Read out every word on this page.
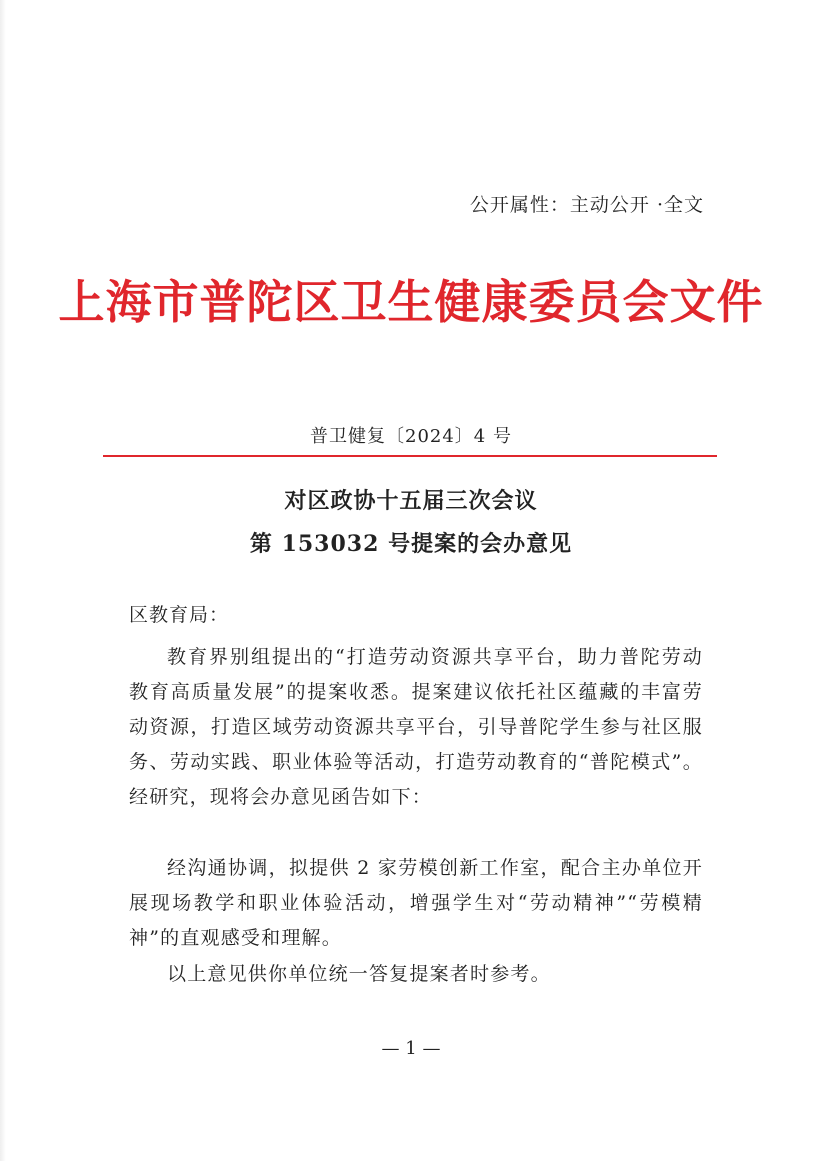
公开属性：主动公开 ·全文
上海市普陀区卫生健康委员会文件
普卫健复〔2024〕4 号
对区政协十五届三次会议
第 153032 号提案的会办意见
区教育局：

教育界别组提出的“打造劳动资源共享平台，助力普陀劳动教育高质量发展”的提案收悉。提案建议依托社区蕴藏的丰富劳动资源，打造区域劳动资源共享平台，引导普陀学生参与社区服务、劳动实践、职业体验等活动，打造劳动教育的“普陀模式”。 经研究，现将会办意见函告如下：

经沟通协调，拟提供 2 家劳模创新工作室，配合主办单位开展现场教学和职业体验活动，增强学生对“劳动精神”“劳模精神”的直观感受和理解。

以上意见供你单位统一答复提案者时参考。

— 1 —
